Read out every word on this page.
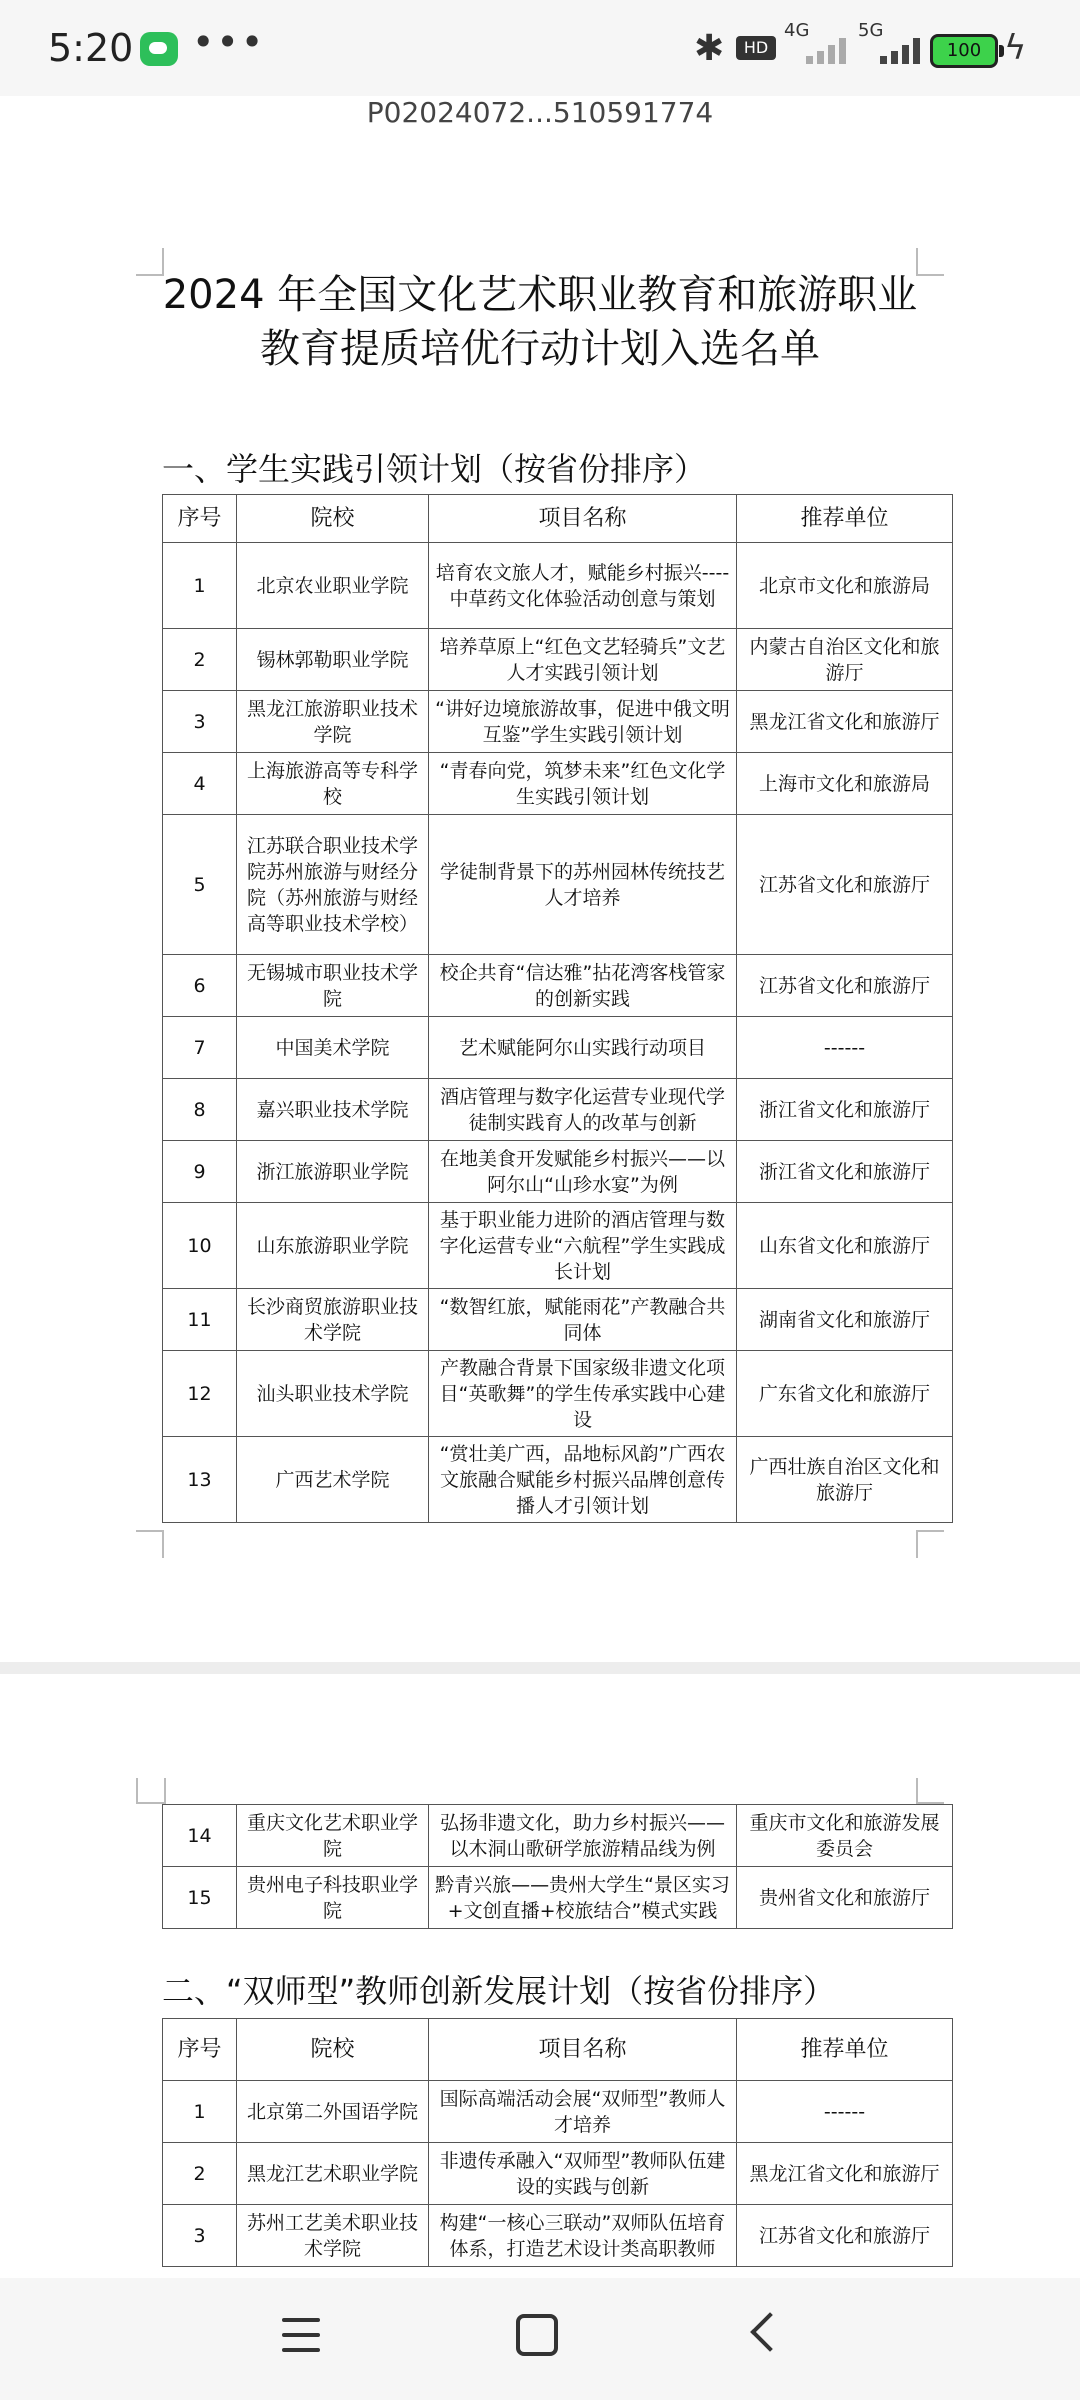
5:20 •••	✱	HD
4G	5G
100 ϟ
P02024072...510591774
2024 年全国文化艺术职业教育和旅游职业
教育提质培优行动计划入选名单
一、学生实践引领计划（按省份排序）
序号	院校	项目名称	推荐单位
1	北京农业职业学院	培育农文旅人才，赋能乡村振兴----中草药文化体验活动创意与策划	北京市文化和旅游局
2	锡林郭勒职业学院	培养草原上“红色文艺轻骑兵”文艺人才实践引领计划	内蒙古自治区文化和旅游厅
3	黑龙江旅游职业技术学院	“讲好边境旅游故事，促进中俄文明互鉴”学生实践引领计划	黑龙江省文化和旅游厅
4	上海旅游高等专科学校	“青春向党，筑梦未来”红色文化学生实践引领计划	上海市文化和旅游局
5	江苏联合职业技术学院苏州旅游与财经分院（苏州旅游与财经高等职业技术学校）	学徒制背景下的苏州园林传统技艺人才培养	江苏省文化和旅游厅
6	无锡城市职业技术学院	校企共育“信达雅”拈花湾客栈管家的创新实践	江苏省文化和旅游厅
7	中国美术学院	艺术赋能阿尔山实践行动项目	------
8	嘉兴职业技术学院	酒店管理与数字化运营专业现代学徒制实践育人的改革与创新	浙江省文化和旅游厅
9	浙江旅游职业学院	在地美食开发赋能乡村振兴——以阿尔山“山珍水宴”为例	浙江省文化和旅游厅
10	山东旅游职业学院	基于职业能力进阶的酒店管理与数字化运营专业“六航程”学生实践成长计划	山东省文化和旅游厅
11	长沙商贸旅游职业技术学院	“数智红旅，赋能雨花”产教融合共同体	湖南省文化和旅游厅
12	汕头职业技术学院	产教融合背景下国家级非遗文化项目“英歌舞”的学生传承实践中心建设	广东省文化和旅游厅
13	广西艺术学院	“赏壮美广西，品地标风韵”广西农文旅融合赋能乡村振兴品牌创意传播人才引领计划	广西壮族自治区文化和旅游厅
14	重庆文化艺术职业学院	弘扬非遗文化，助力乡村振兴——以木洞山歌研学旅游精品线为例	重庆市文化和旅游发展委员会
15	贵州电子科技职业学院	黔青兴旅——贵州大学生“景区实习+文创直播+校旅结合”模式实践	贵州省文化和旅游厅
二、“双师型”教师创新发展计划（按省份排序）
序号	院校	项目名称	推荐单位
1	北京第二外国语学院	国际高端活动会展“双师型”教师人才培养	------
2	黑龙江艺术职业学院	非遗传承融入“双师型”教师队伍建设的实践与创新	黑龙江省文化和旅游厅
3	苏州工艺美术职业技术学院	构建“一核心三联动”双师队伍培育体系，打造艺术设计类高职教师	江苏省文化和旅游厅
